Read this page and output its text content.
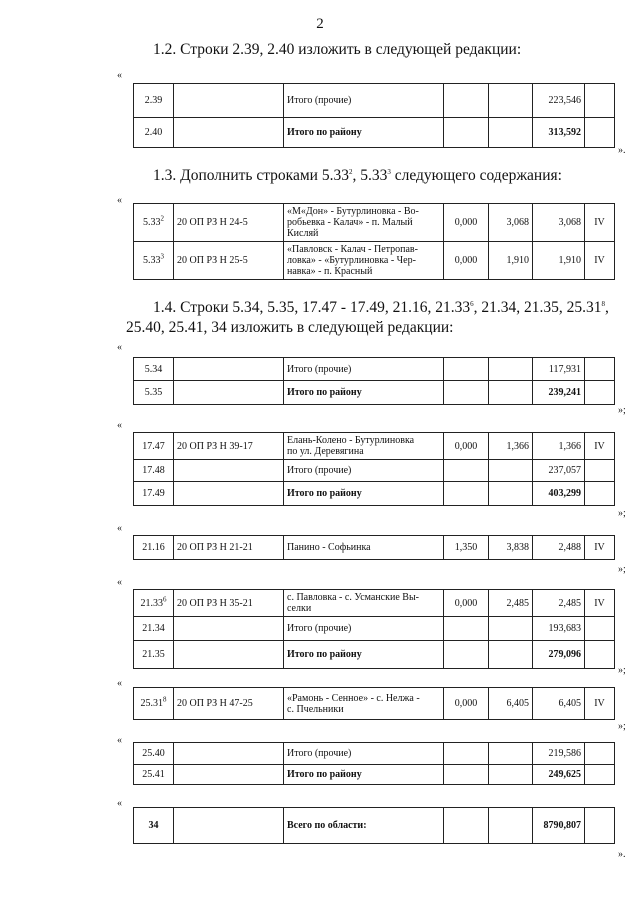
2
1.2. Строки 2.39, 2.40 изложить в следующей редакции:
«
2.39		Итого (прочие)			223,546	
2.40		Итого по району			313,592	
».
1.3. Дополнить строками 5.33$^2$, 5.33$^3$ следующего содержания:
«
5.33$^2$	20 ОП РЗ Н 24-5	«М«Дон» - Бутурлиновка - Во-
робьевка - Калач» - п. Малый
Кисляй	0,000	3,068	3,068	IV
5.33$^3$	20 ОП РЗ Н 25-5	«Павловск - Калач - Петропав-
ловка» - «Бутурлиновка - Чер-
навка» - п. Красный	0,000	1,910	1,910	IV
1.4. Строки 5.34, 5.35, 17.47 - 17.49, 21.16, 21.33$^6$, 21.34, 21.35, 25.31$^8$,
25.40, 25.41, 34 изложить в следующей редакции:
«
5.34		Итого (прочие)			117,931	
5.35		Итого по району			239,241	
»;
«
17.47	20 ОП РЗ Н 39-17	Елань-Колено - Бутурлиновка
по ул. Деревягина	0,000	1,366	1,366	IV
17.48		Итого (прочие)			237,057	
17.49		Итого по району			403,299	
»;
«
21.16	20 ОП РЗ Н 21-21	Панино - Софьинка	1,350	3,838	2,488	IV
»;
«
21.33$^6$	20 ОП РЗ Н 35-21	с. Павловка - с. Усманские Вы-
селки	0,000	2,485	2,485	IV
21.34		Итого (прочие)			193,683	
21.35		Итого по району			279,096	
»;
«
25.31$^8$	20 ОП РЗ Н 47-25	«Рамонь - Сенное» - с. Нелжа -
с. Пчельники	0,000	6,405	6,405	IV
»;
«
25.40		Итого (прочие)			219,586	
25.41		Итого по району			249,625	
«
34		Всего по области:			8790,807	
».
